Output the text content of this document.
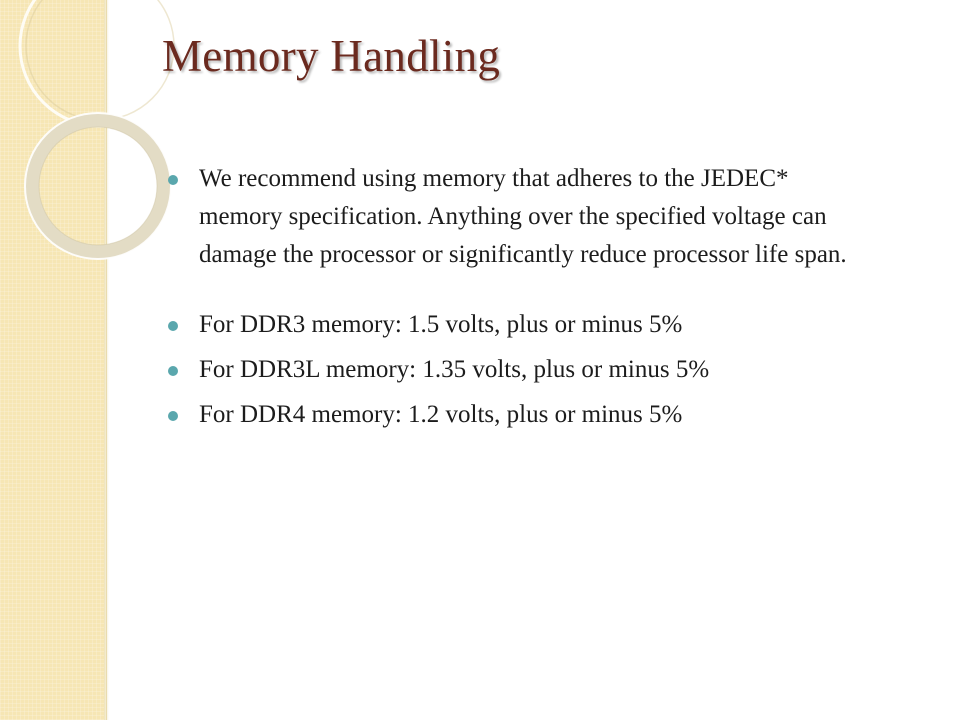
Memory Handling
We recommend using memory that adheres to the JEDEC* memory specification. Anything over the specified voltage can damage the processor or significantly reduce processor life span.
For DDR3 memory: 1.5 volts, plus or minus 5%
For DDR3L memory: 1.35 volts, plus or minus 5%
For DDR4 memory: 1.2 volts, plus or minus 5%
